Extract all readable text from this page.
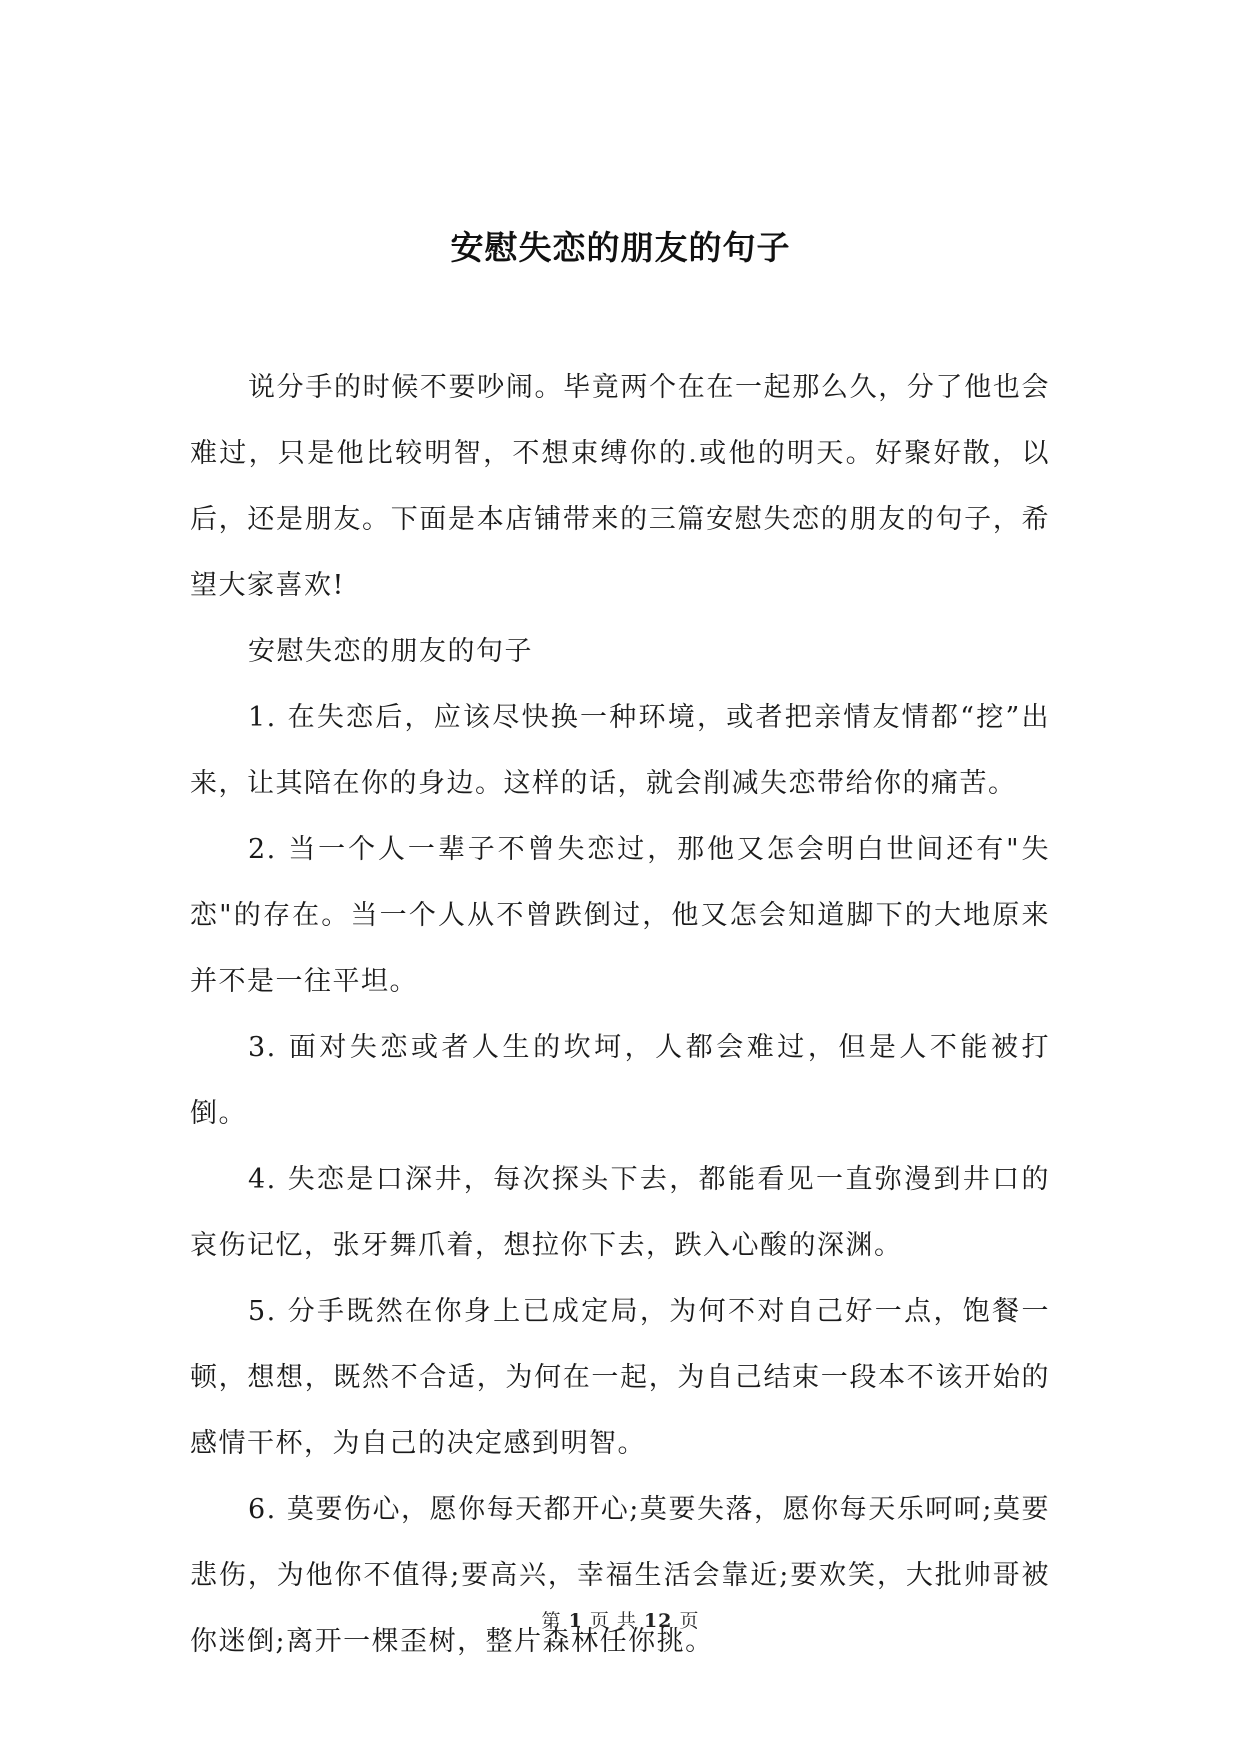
安慰失恋的朋友的句子

说分手的时候不要吵闹。毕竟两个在在一起那么久，分了他也会难过，只是他比较明智，不想束缚你的.或他的明天。好聚好散，以后，还是朋友。下面是本店铺带来的三篇安慰失恋的朋友的句子，希望大家喜欢!

安慰失恋的朋友的句子

1. 在失恋后，应该尽快换一种环境，或者把亲情友情都“挖”出来，让其陪在你的身边。这样的话，就会削减失恋带给你的痛苦。

2. 当一个人一辈子不曾失恋过，那他又怎会明白世间还有"失恋"的存在。当一个人从不曾跌倒过，他又怎会知道脚下的大地原来并不是一往平坦。

3. 面对失恋或者人生的坎坷，人都会难过，但是人不能被打倒。

4. 失恋是口深井，每次探头下去，都能看见一直弥漫到井口的哀伤记忆，张牙舞爪着，想拉你下去，跌入心酸的深渊。

5. 分手既然在你身上已成定局，为何不对自己好一点，饱餐一顿，想想，既然不合适，为何在一起，为自己结束一段本不该开始的感情干杯，为自己的决定感到明智。

6. 莫要伤心，愿你每天都开心;莫要失落，愿你每天乐呵呵;莫要悲伤，为他你不值得;要高兴，幸福生活会靠近;要欢笑，大批帅哥被你迷倒;离开一棵歪树，整片森林任你挑。

第 1 页 共 12 页
